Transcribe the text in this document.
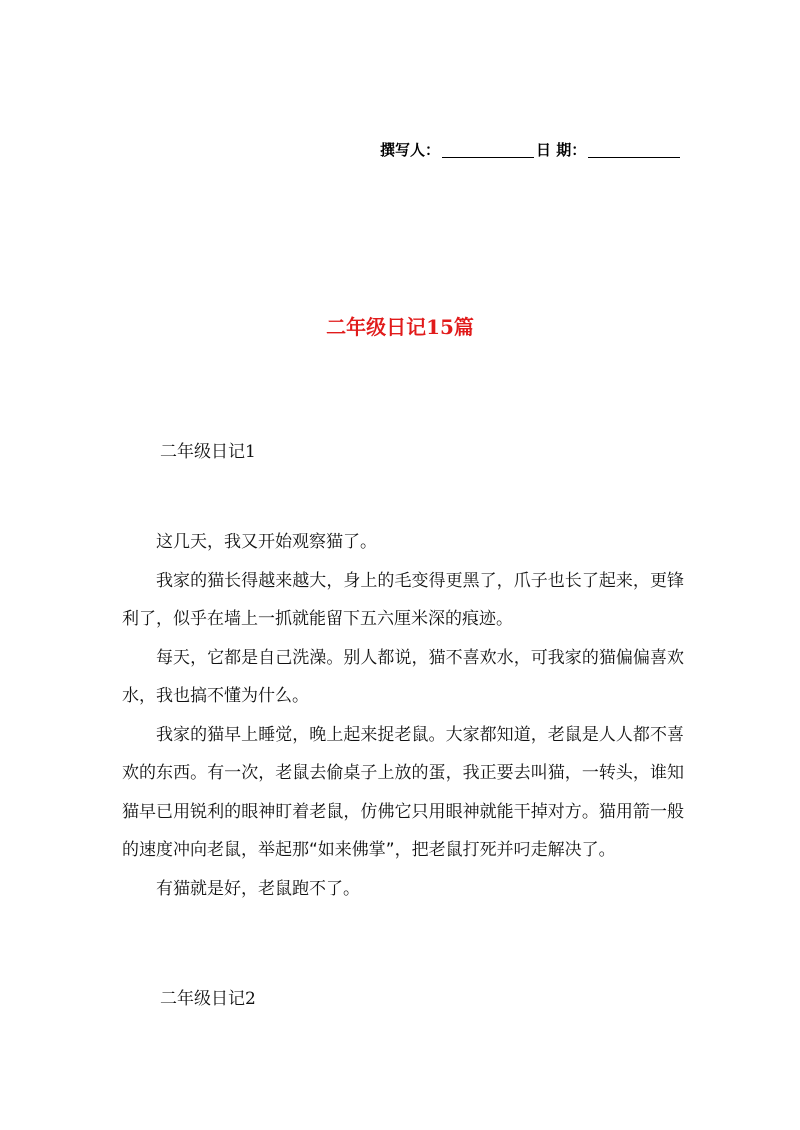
撰写人：	日 期：
二年级日记15篇
二年级日记1

这几天，我又开始观察猫了。

我家的猫长得越来越大，身上的毛变得更黑了，爪子也长了起来，更锋利了，似乎在墙上一抓就能留下五六厘米深的痕迹。

每天，它都是自己洗澡。别人都说，猫不喜欢水，可我家的猫偏偏喜欢水，我也搞不懂为什么。

我家的猫早上睡觉，晚上起来捉老鼠。大家都知道，老鼠是人人都不喜欢的东西。有一次，老鼠去偷桌子上放的蛋，我正要去叫猫，一转头，谁知猫早已用锐利的眼神盯着老鼠，仿佛它只用眼神就能干掉对方。猫用箭一般的速度冲向老鼠，举起那“如来佛掌”，把老鼠打死并叼走解决了。

有猫就是好，老鼠跑不了。

二年级日记2
